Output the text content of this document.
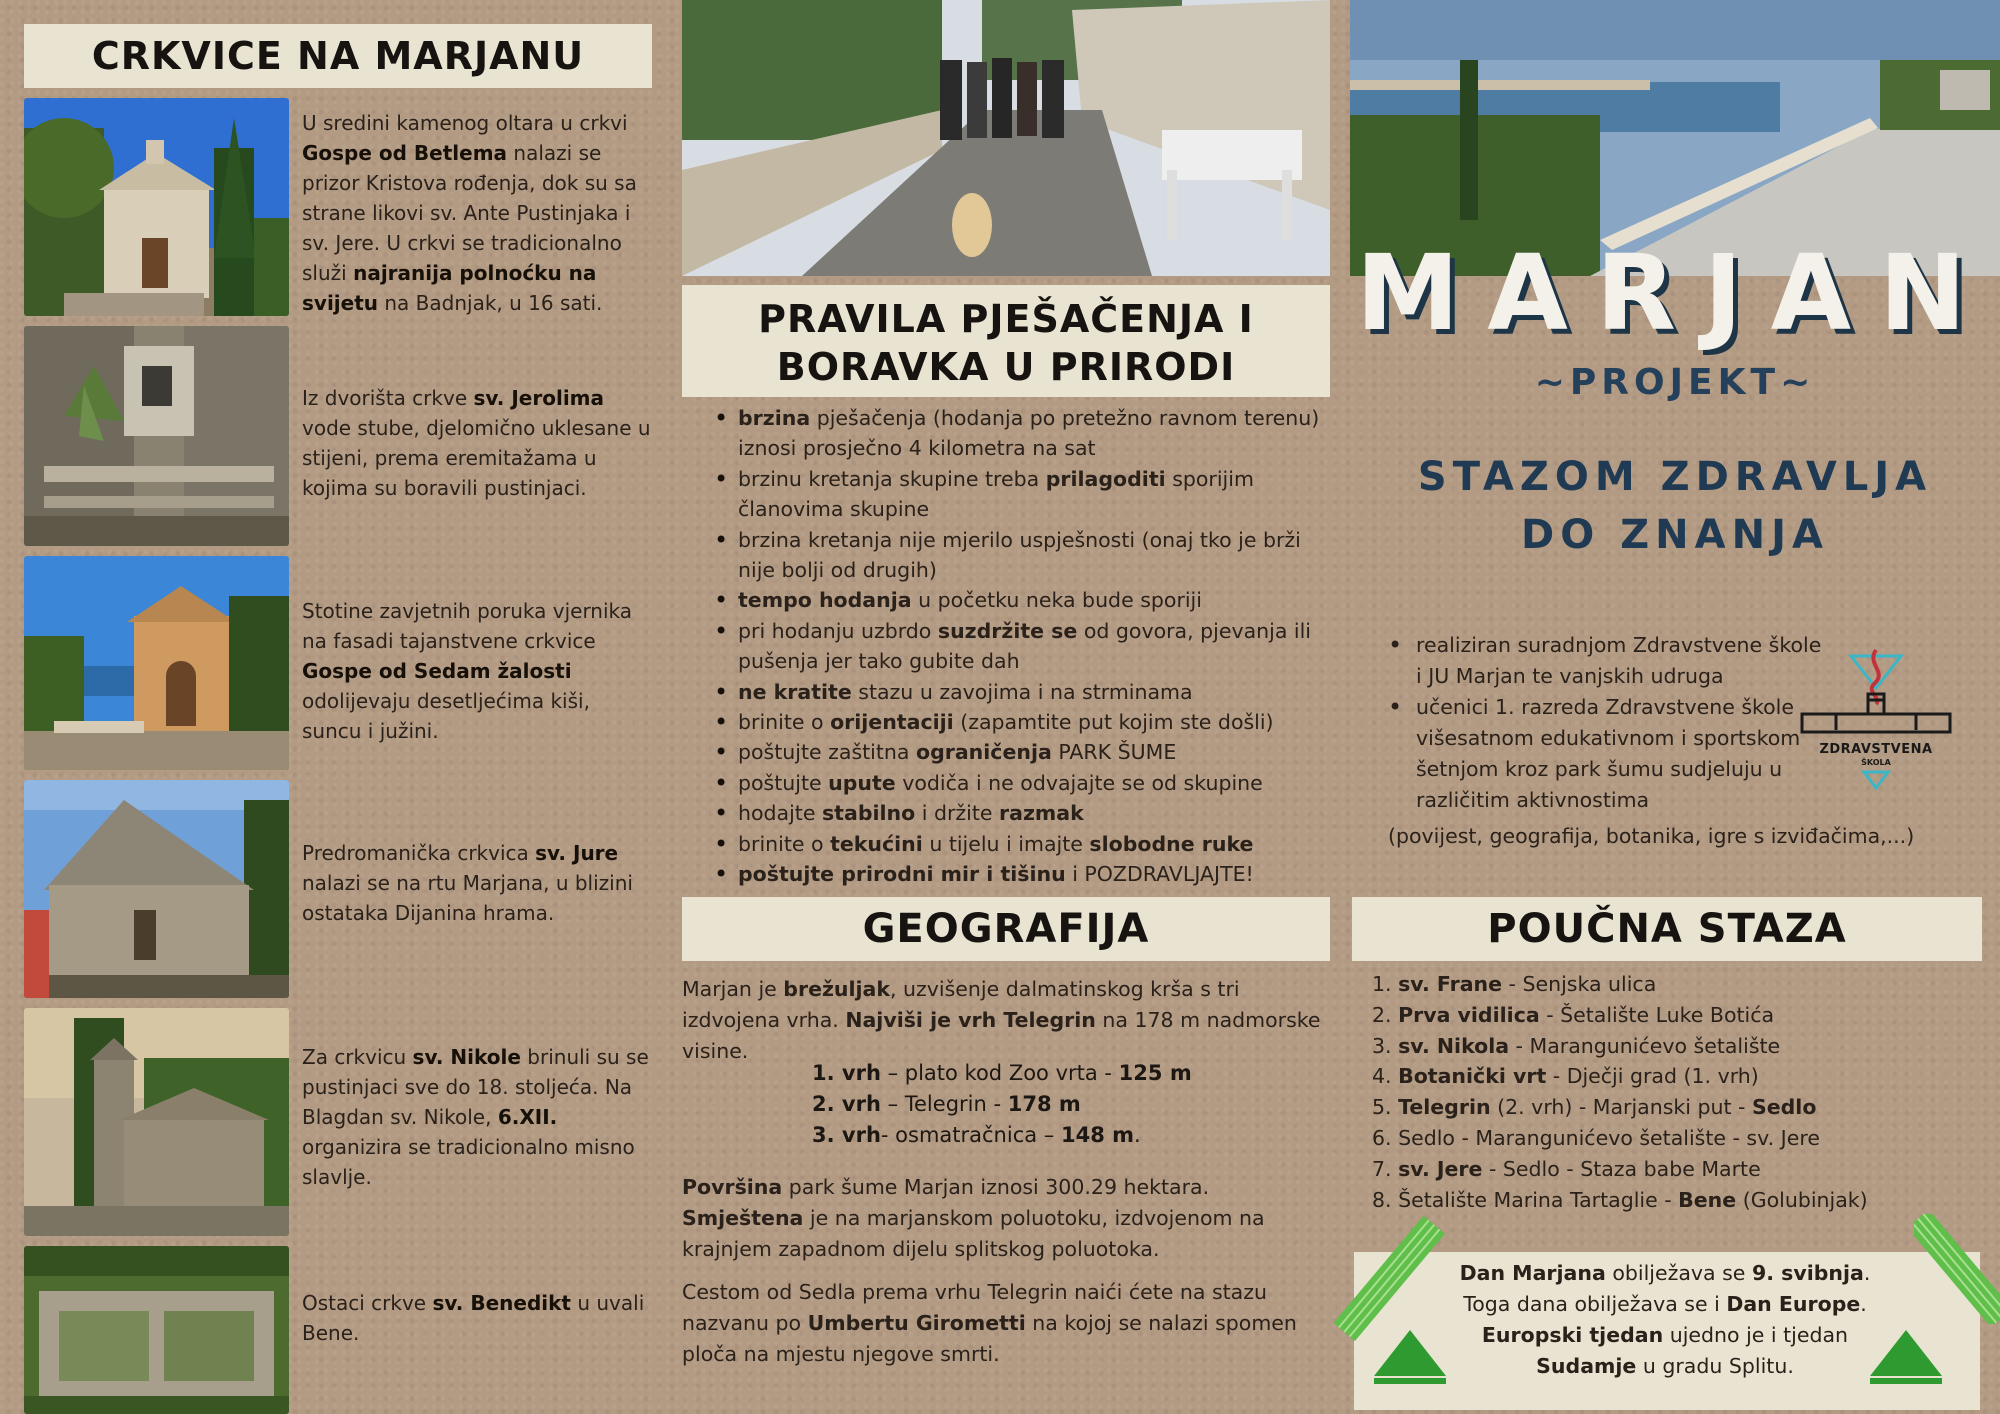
CRKVICE NA MARJANU
U sredini kamenog oltara u crkvi Gospe od Betlema nalazi se prizor Kristova rođenja, dok su sa strane likovi sv. Ante Pustinjaka i sv. Jere. U crkvi se tradicionalno služi najranija polnoćku na svijetu na Badnjak, u 16 sati.
Iz dvorišta crkve sv. Jerolima vode stube, djelomično uklesane u stijeni, prema eremitažama u kojima su boravili pustinjaci.
Stotine zavjetnih poruka vjernika na fasadi tajanstvene crkvice Gospe od Sedam žalosti odolijevaju desetljećima kiši, suncu i južini.
Predromanička crkvica sv. Jure nalazi se na rtu Marjana, u blizini ostataka Dijanina hrama.
Za crkvicu sv. Nikole brinuli su se pustinjaci sve do 18. stoljeća. Na Blagdan sv. Nikole, 6.XII. organizira se tradicionalno misno slavlje.
Ostaci crkve sv. Benedikt u uvali Bene.
PRAVILA PJEŠAČENJA I
BORAVKA U PRIRODI
• brzina pješačenja (hodanja po pretežno ravnom terenu) iznosi prosječno 4 kilometra na sat
• brzinu kretanja skupine treba prilagoditi sporijim članovima skupine
• brzina kretanja nije mjerilo uspješnosti (onaj tko je brži nije bolji od drugih)
• tempo hodanja u početku neka bude sporiji
• pri hodanju uzbrdo suzdržite se od govora, pjevanja ili pušenja jer tako gubite dah
• ne kratite stazu u zavojima i na strminama
• brinite o orijentaciji (zapamtite put kojim ste došli)
• poštujte zaštitna ograničenja PARK ŠUME
• poštujte upute vodiča i ne odvajajte se od skupine
• hodajte stabilno i držite razmak
• brinite o tekućini u tijelu i imajte slobodne ruke
• poštujte prirodni mir i tišinu i POZDRAVLJAJTE!
GEOGRAFIJA

Marjan je brežuljak, uzvišenje dalmatinskog krša s tri izdvojena vrha. Najviši je vrh Telegrin na 178 m nadmorske visine.

1. vrh – plato kod Zoo vrta - 125 m
2. vrh – Telegrin - 178 m
3. vrh- osmatračnica – 148 m.

Površina park šume Marjan iznosi 300.29 hektara. Smještena je na marjanskom poluotoku, izdvojenom na krajnjem zapadnom dijelu splitskog poluotoka.

Cestom od Sedla prema vrhu Telegrin naići ćete na stazu nazvanu po Umbertu Girometti na kojoj se nalazi spomen ploča na mjestu njegove smrti.

MARJAN
~PROJEKT~
STAZOM ZDRAVLJA
DO ZNANJA
• realiziran suradnjom Zdravstvene škole i JU Marjan te vanjskih udruga
• učenici 1. razreda Zdravstvene škole višesatnom edukativnom i sportskom šetnjom kroz park šumu sudjeluju u različitim aktivnostima
(povijest, geografija, botanika, igre s izviđačima,...)
ZDRAVSTVENA
ŠKOLA
POUČNA STAZA
1. sv. Frane - Senjska ulica
2. Prva vidilica - Šetalište Luke Botića
3. sv. Nikola - Marangunićevo šetalište
4. Botanički vrt - Dječji grad (1. vrh)
5. Telegrin (2. vrh) - Marjanski put - Sedlo
6. Sedlo - Marangunićevo šetalište - sv. Jere
7. sv. Jere - Sedlo - Staza babe Marte
8. Šetalište Marina Tartaglie - Bene (Golubinjak)
Dan Marjana obilježava se 9. svibnja. Toga dana obilježava se i Dan Europe. Europski tjedan ujedno je i tjedan Sudamje u gradu Splitu.
